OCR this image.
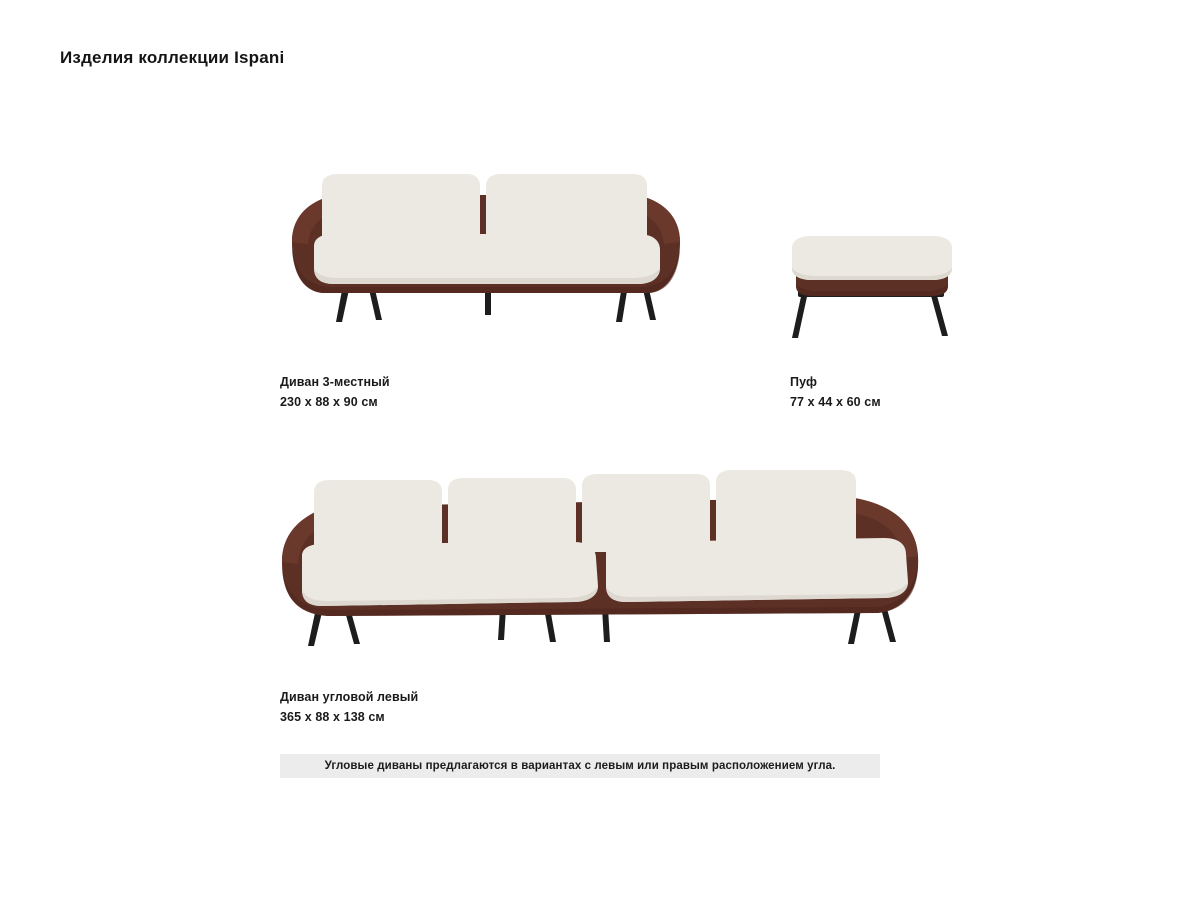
Изделия коллекции Ispani

Диван 3-местный

230 x 88 x 90 см

Пуф

77 x 44 x 60 см

Диван угловой левый

365 x 88 x 138 см

Угловые диваны предлагаются в вариантах с левым или правым расположением угла.
